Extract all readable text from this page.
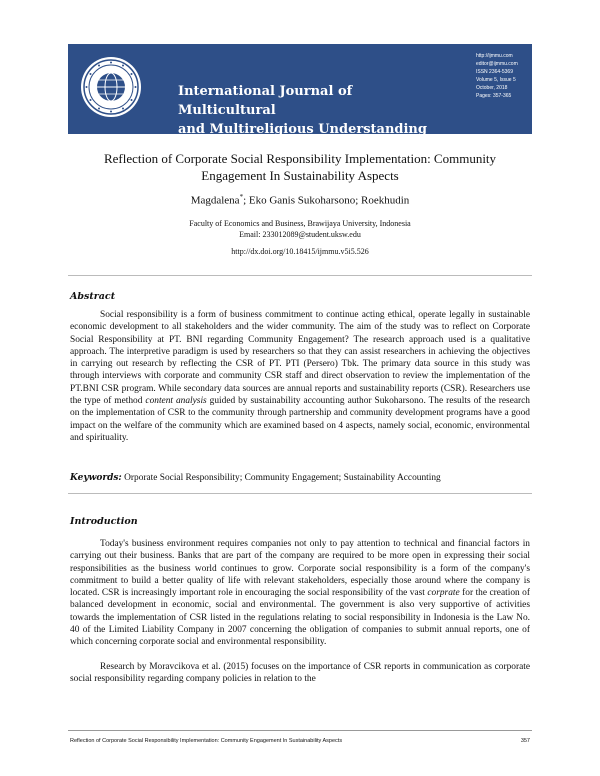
International Journal of Multicultural
and Multireligious Understanding
http://ijmmu.com
editor@ijmmu.com
ISSN 2364-5369
Volume 5, Issue 5
October, 2018
Pages: 357-365
Reflection of Corporate Social Responsibility Implementation: Community
Engagement In Sustainability Aspects
Magdalena*; Eko Ganis Sukoharsono; Roekhudin
Faculty of Economics and Business, Brawijaya University, Indonesia
Email: 233012089@student.uksw.edu
http://dx.doi.org/10.18415/ijmmu.v5i5.526
Abstract

Social responsibility is a form of business commitment to continue acting ethical, operate legally in sustainable economic development to all stakeholders and the wider community. The aim of the study was to reflect on Corporate Social Responsibility at PT. BNI regarding Community Engagement? The research approach used is a qualitative approach. The interpretive paradigm is used by researchers so that they can assist researchers in achieving the objectives in carrying out research by reflecting the CSR of PT. PTI (Persero) Tbk. The primary data source in this study was through interviews with corporate and community CSR staff and direct observation to review the implementation of the PT.BNI CSR program. While secondary data sources are annual reports and sustainability reports (CSR). Researchers use the type of method content analysis guided by sustainability accounting author Sukoharsono. The results of the research on the implementation of CSR to the community through partnership and community development programs have a good impact on the welfare of the community which are examined based on 4 aspects, namely social, economic, environmental and spirituality.

Keywords: Orporate Social Responsibility; Community Engagement; Sustainability Accounting
Introduction

Today's business environment requires companies not only to pay attention to technical and financial factors in carrying out their business. Banks that are part of the company are required to be more open in expressing their social responsibilities as the business world continues to grow. Corporate social responsibility is a form of the company's commitment to build a better quality of life with relevant stakeholders, especially those around where the company is located. CSR is increasingly important role in encouraging the social responsibility of the vast corprate for the creation of balanced development in economic, social and environmental. The government is also very supportive of activities towards the implementation of CSR listed in the regulations relating to social responsibility in Indonesia is the Law No. 40 of the Limited Liability Company in 2007 concerning the obligation of companies to submit annual reports, one of which concerning corporate social and environmental responsibility.

Research by Moravcikova et al. (2015) focuses on the importance of CSR reports in communication as corporate social responsibility regarding company policies in relation to the

Reflection of Corporate Social Responsibility Implementation: Community Engagement In Sustainability Aspects	357
